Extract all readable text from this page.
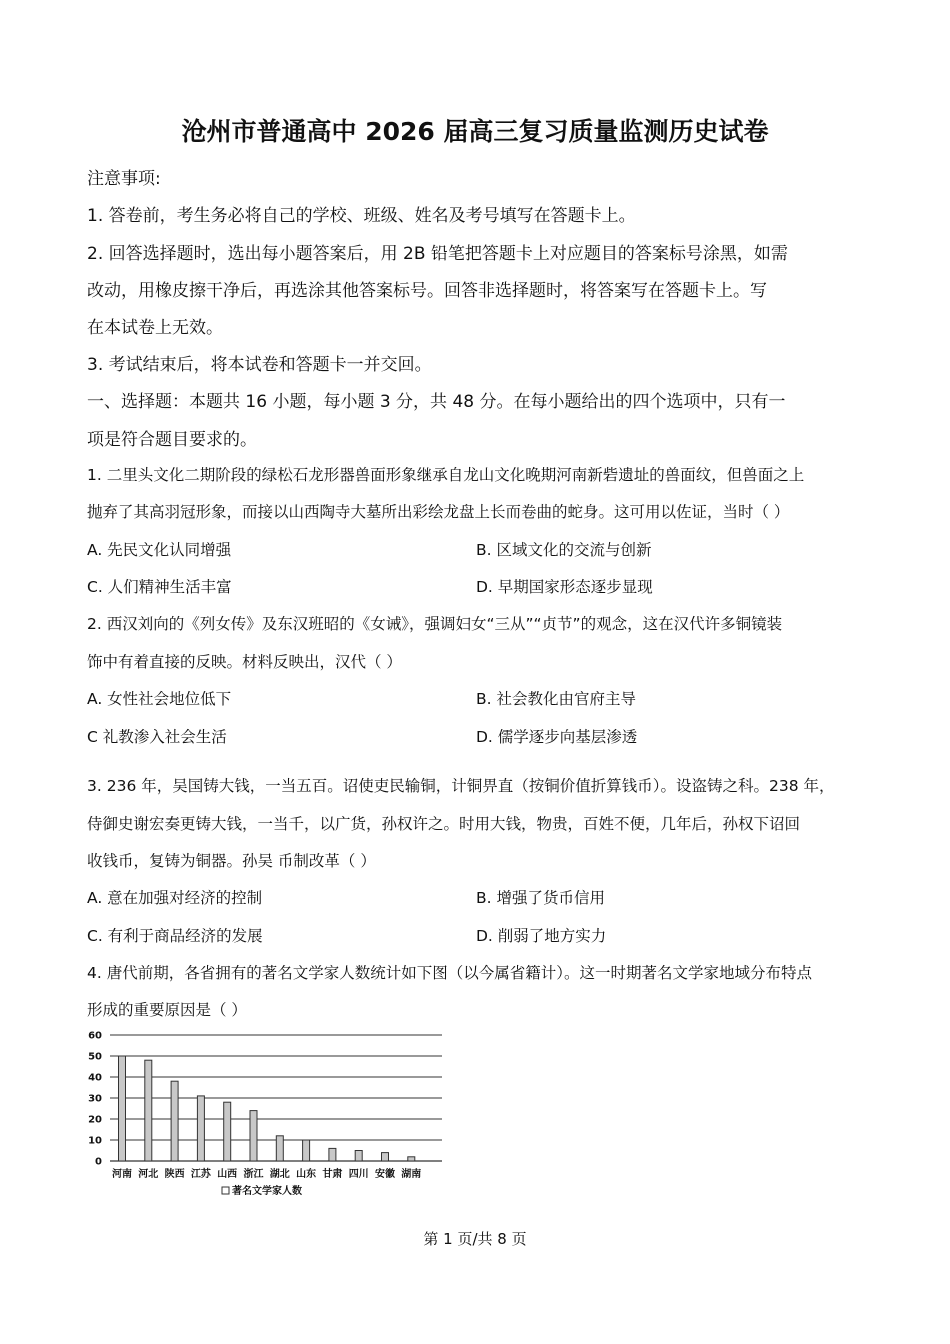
沧州市普通高中 2026 届高三复习质量监测历史试卷
注意事项:
1. 答卷前，考生务必将自己的学校、班级、姓名及考号填写在答题卡上。
2. 回答选择题时，选出每小题答案后，用 2B 铅笔把答题卡上对应题目的答案标号涂黑，如需
改动，用橡皮擦干净后，再选涂其他答案标号。回答非选择题时，将答案写在答题卡上。写
在本试卷上无效。
3. 考试结束后，将本试卷和答题卡一并交回。
一、选择题：本题共 16 小题，每小题 3 分，共 48 分。在每小题给出的四个选项中，只有一
项是符合题目要求的。
1. 二里头文化二期阶段的绿松石龙形器兽面形象继承自龙山文化晚期河南新砦遗址的兽面纹，但兽面之上
抛弃了其高羽冠形象，而接以山西陶寺大墓所出彩绘龙盘上长而卷曲的蛇身。这可用以佐证，当时（ ）
A. 先民文化认同增强	B. 区域文化的交流与创新
C. 人们精神生活丰富	D. 早期国家形态逐步显现
2. 西汉刘向的《列女传》及东汉班昭的《女诫》，强调妇女“三从”“贞节”的观念，这在汉代许多铜镜装
饰中有着直接的反映。材料反映出，汉代（ ）
A. 女性社会地位低下	B. 社会教化由官府主导
C 礼教渗入社会生活	D. 儒学逐步向基层渗透
3. 236 年，吴国铸大钱，一当五百。诏使吏民输铜，计铜畀直（按铜价值折算钱币）。设盗铸之科。238 年，
侍御史谢宏奏更铸大钱，一当千，以广货，孙权许之。时用大钱，物贵，百姓不便，几年后，孙权下诏回
收钱币，复铸为铜器。孙吴 币制改革（ ）
A. 意在加强对经济的控制	B. 增强了货币信用
C. 有利于商品经济的发展	D. 削弱了地方实力
4. 唐代前期，各省拥有的著名文学家人数统计如下图（以今属省籍计）。这一时期著名文学家地域分布特点
形成的重要原因是（ ）
0
10
20
30
40
50
60
河南 河北 陕西 江苏 山西 浙江 湖北 山东 甘肃 四川 安徽 湖南
著名文学家人数
第 1 页/共 8 页
